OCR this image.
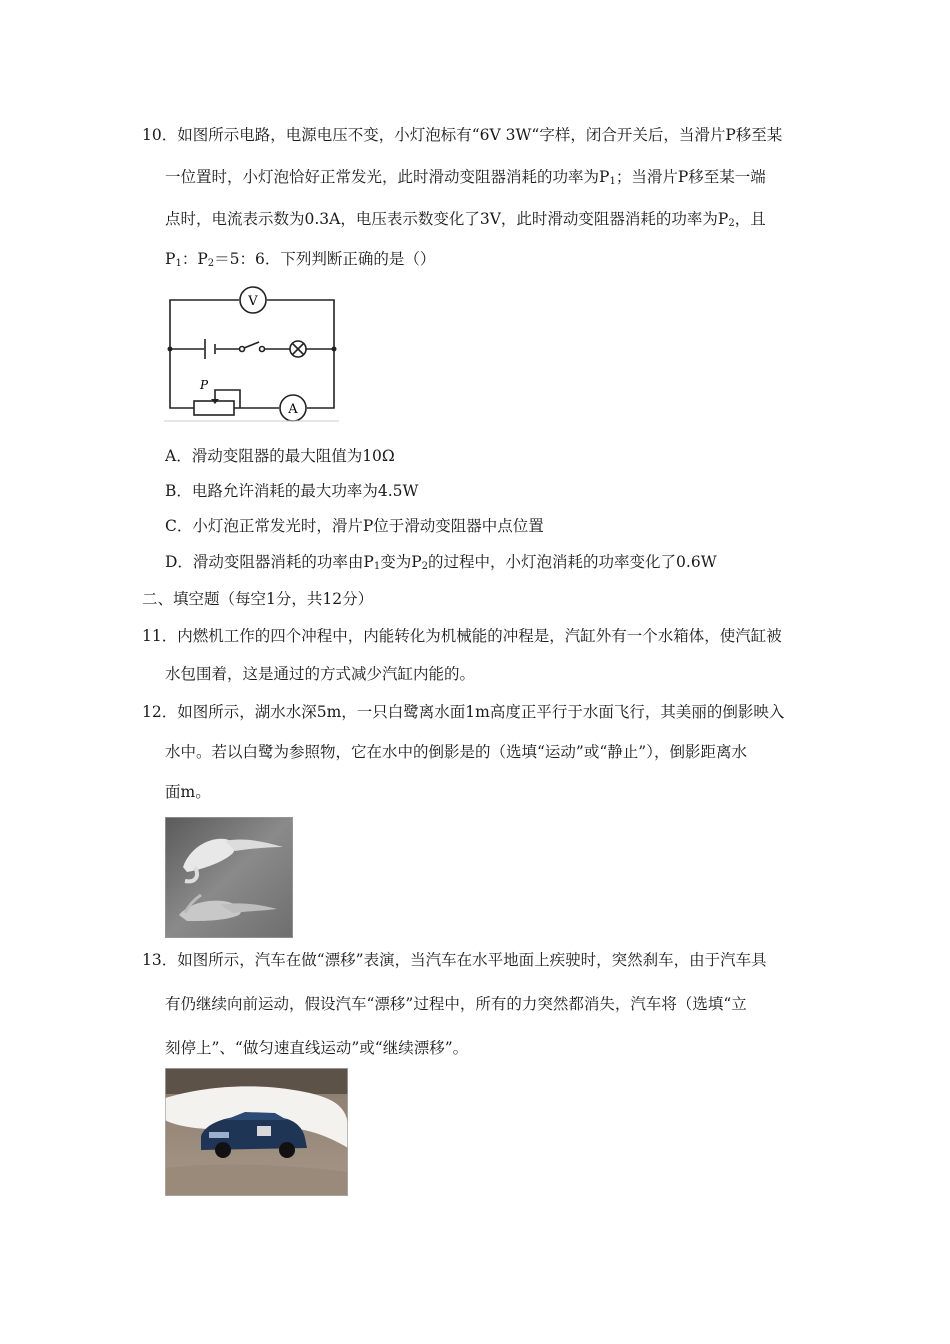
10．如图所示电路，电源电压不变，小灯泡标有“6V 3W“字样，闭合开关后，当滑片P移至某
一位置时，小灯泡恰好正常发光，此时滑动变阻器消耗的功率为$P_1$；当滑片P移至某一端
点时，电流表示数为0.3A，电压表示数变化了3V，此时滑动变阻器消耗的功率为$P_2$，且
$P_1$：$P_2=5$：6．下列判断正确的是（）
V
P
A
A．滑动变阻器的最大阻值为10Ω
B．电路允许消耗的最大功率为4.5W
C．小灯泡正常发光时，滑片P位于滑动变阻器中点位置
D．滑动变阻器消耗的功率由$P_1$变为$P_2$的过程中，小灯泡消耗的功率变化了0.6W
二、填空题（每空1分，共12分）
11．内燃机工作的四个冲程中，内能转化为机械能的冲程是，汽缸外有一个水箱体，使汽缸被
水包围着，这是通过的方式减少汽缸内能的。
12．如图所示，湖水水深5m，一只白鹭离水面1m高度正平行于水面飞行，其美丽的倒影映入
水中。若以白鹭为参照物，它在水中的倒影是的（选填“运动”或“静止”），倒影距离水
面m。
13．如图所示，汽车在做“漂移”表演，当汽车在水平地面上疾驶时，突然刹车，由于汽车具
有仍继续向前运动，假设汽车“漂移”过程中，所有的力突然都消失，汽车将（选填“立
刻停上”、“做匀速直线运动”或“继续漂移”。
